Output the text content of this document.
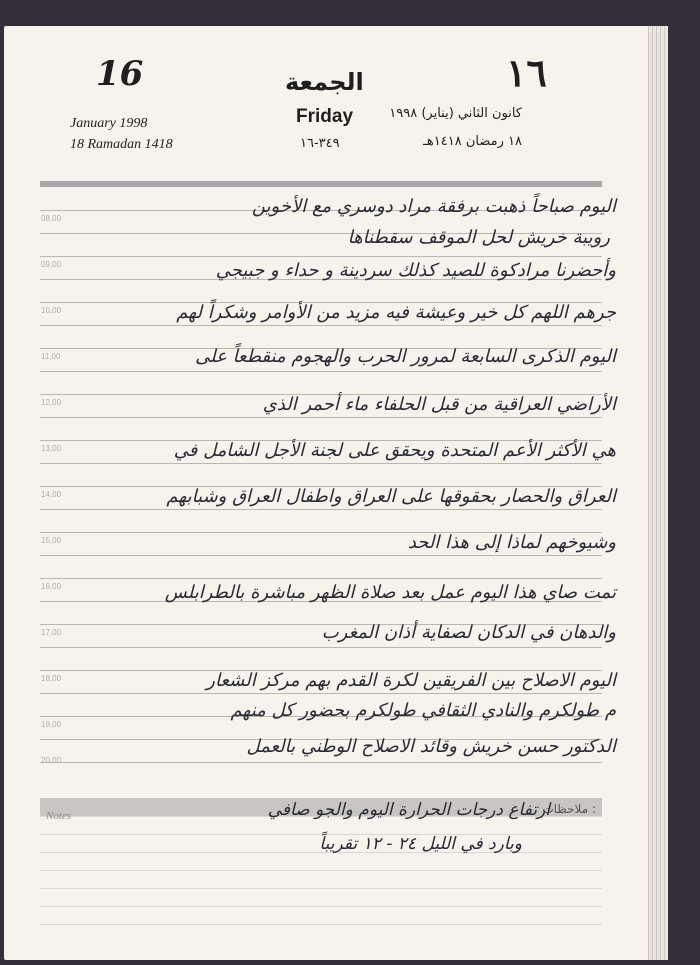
16	١٦
الجمعة
Friday
January 1998
18 Ramadan 1418
كانون الثاني (يناير) ١٩٩٨
١٨ رمضان ١٤١٨هـ
٣٤٩-١٦
08,00
09,00
10,00
11,00
12,00
13,00
14,00
15,00
16,00
17,00
18,00
19,00
20,00
اليوم صباحاً ذهبت برفقة مراد دوسري مع الأخوين
رويبة خريش لحل الموقف سقطناها
وأحضرنا مرادكوة للصيد كذلك سردينة و حداء و جبيجي
جرهم اللهم كل خير وعيشة فيه مزيد من الأوامر وشكراً لهم
اليوم الذكرى السابعة لمرور الحرب والهجوم منقطعاً على
الأراضي العراقية من قبل الحلفاء ماء أحمر الذي
هي الأكثر الأعم المتحدة ويحقق على لجنة الأجل الشامل في
العراق والحصار بحقوقها على العراق واطفال العراق وشبابهم
وشيوخهم لماذا إلى هذا الحد
تمت صاي هذا اليوم عمل بعد صلاة الظهر مباشرة بالطرابلس
والدهان في الدكان لصفاية أذان المغرب
اليوم الاصلاح بين الفريقين لكرة القدم بهم مركز الشعار
م طولكرم والنادي الثقافي طولكرم بحضور كل منهم
الدكتور حسن خريش وقائد الاصلاح الوطني بالعمل
Notes	ملاحظات :
ارتفاع درجات الحرارة اليوم والجو صافي
وبارد في الليل ٢٤ - ١٢ تقريباً
